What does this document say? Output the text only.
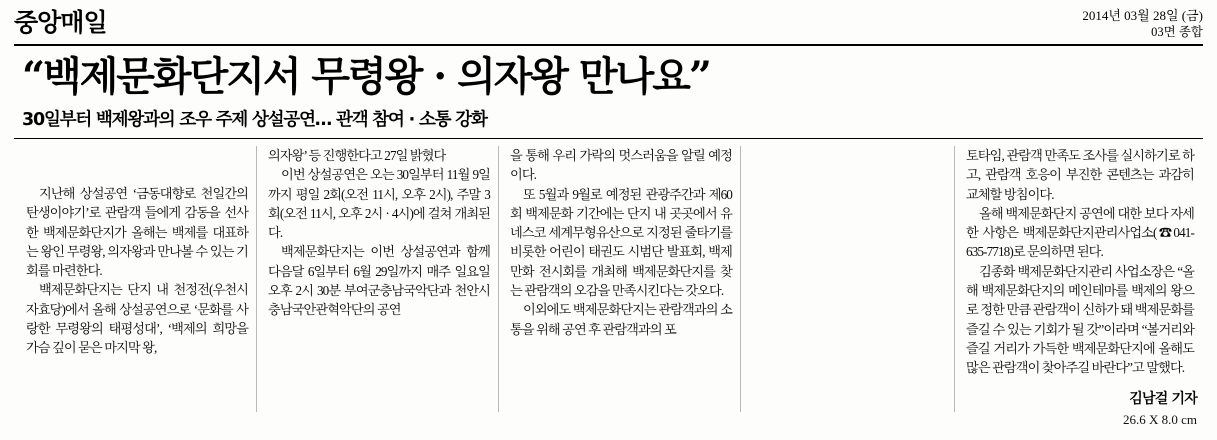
중앙매일	2014년 03월 28일 (금)
03면 종합
“백제문화단지서 무령왕 · 의자왕 만나요”
30일부터 백제왕과의 조우 주제 상설공연… 관객 참여 · 소통 강화

지난해 상설공연 ‘금동대향로 천일간의 탄생이야기’로 관람객 들에게 감동을 선사한 백제문화단지가 올해는 백제를 대표하는 왕인 무령왕, 의자왕과 만나볼 수 있는 기회를 마련한다.

백제문화단지는 단지 내 천정전(우천시 자효당)에서 올해 상설공연으로 ‘문화를 사랑한 무령왕의 태평성대’, ‘백제의 희망을 가슴 깊이 묻은 마지막 왕,

의자왕’ 등 진행한다고 27일 밝혔다

이번 상설공연은 오는 30일부터 11월 9일까지 평일 2회(오전 11시, 오후 2시), 주말 3회(오전 11시, 오후 2시 · 4시)에 걸쳐 개최된다.

백제문화단지는 이번 상설공연과 함께 다음달 6일부터 6월 29일까지 매주 일요일 오후 2시 30분 부여군충남국악단과 천안시충남국안관혁악단의 공연

을 통해 우리 가락의 멋스러움을 알릴 예정이다.

또 5월과 9월로 예정된 관광주간과 제60회 백제문화 기간에는 단지 내 곳곳에서 유네스코 세계무형유산으로 지정된 줄타기를 비롯한 어린이 태권도 시범단 발표회, 백제만화 전시회를 개최해 백제문화단지를 찾는 관람객의 오감을 만족시킨다는 갓오다.

이외에도 백제문화단지는 관람객과의 소통을 위해 공연 후 관람객과의 포

토타임, 관람객 만족도 조사를 실시하기로 하고, 관람객 호응이 부진한 콘텐츠는 과감히 교체할 방침이다.

올해 백제문화단지 공연에 대한 보다 자세한 사항은 백제문화단지관리사업소(☎041-635-7718)로 문의하면 된다.

김종화 백제문화단지관리 사업소장은 “올해 백제문화단지의 메인테마를 백제의 왕으로 정한 만큼 관람객이 신하가 돼 백제문화를 즐길 수 있는 기회가 될 갓”이라며 “볼거리와 즐길 거리가 가득한 백제문화단지에 올해도 많은 관람객이 찾아주길 바란다”고 말했다.

김남걸 기자
26.6 X 8.0 cm
